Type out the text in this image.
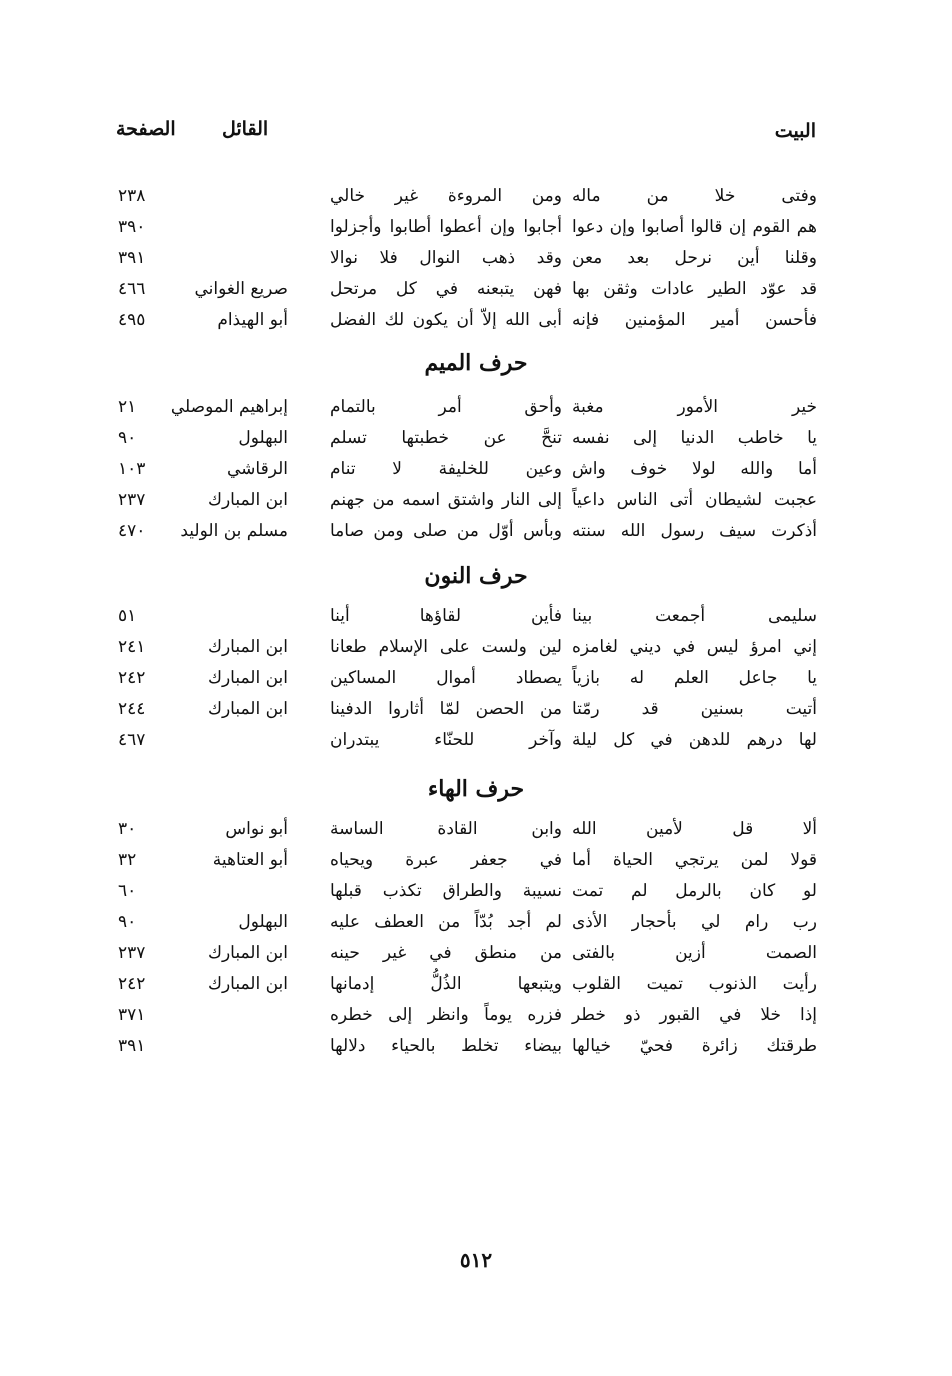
البيت
القائل
الصفحة
وفتى خلا من ماله
ومن المروءة غير خالي
٢٣٨
هم القوم إن قالوا أصابوا وإن دعوا
أجابوا وإن أعطوا أطابوا وأجزلوا
٣٩٠
وقلنا أين نرحل بعد معن
وقد ذهب النوال فلا نوالا
٣٩١
قد عوّد الطير عادات وثقن بها
فهن يتبعنه في كل مرتحل
صريع الغواني
٤٦٦
فأحسن أمير المؤمنين فإنه
أبى الله إلاّ أن يكون لك الفضل
أبو الهيذام
٤٩٥
حرف الميم
خير الأمور مغبة
وأحق أمر بالتمام
إبراهيم الموصلي
٢١
يا خاطب الدنيا إلى نفسه
تنحَّ عن خطبتها تسلم
البهلول
٩٠
أما والله لولا خوف واش
وعين للخليفة لا تنام
الرقاشي
١٠٣
عجبت لشيطان أتى الناس داعياً
إلى النار واشتق اسمه من جهنم
ابن المبارك
٢٣٧
أذكرت سيف رسول الله سنته
وبأس أوّل من صلى ومن صاما
مسلم بن الوليد
٤٧٠
حرف النون
سليمى أجمعت بينا
فأين لقاؤها أينا
٥١
إني امرؤ ليس في ديني لغامزه
لين ولست على الإسلام طعانا
ابن المبارك
٢٤١
يا جاعل العلم له بازياً
يصطاد أموال المساكين
ابن المبارك
٢٤٢
أتيت بسنين قد رمّتا
من الحصن لمّا أثاروا الدفينا
ابن المبارك
٢٤٤
لها درهم للدهن في كل ليلة
وآخر للحنّاء يبتدران
٤٦٧
حرف الهاء
ألا قل لأمين الله
وابن القادة الساسة
أبو نواس
٣٠
قولا لمن يرتجي الحياة أما
في جعفر عبرة ويحياه
أبو العتاهية
٣٢
لو كان بالرمل لم تمت
نسيبة والطراق تكذب قبلها
٦٠
رب رام لي بأحجار الأذى
لم أجد بُدّاً من العطف عليه
البهلول
٩٠
الصمت أزين بالفتى
من منطق في غير حينه
ابن المبارك
٢٣٧
رأيت الذنوب تميت القلوب
ويتبعها الذُلُّ إدمانها
ابن المبارك
٢٤٢
إذا خلا في القبور ذو خطر
فزره يوماً وانظر إلى خطره
٣٧١
طرقتك زائرة فحيّ خيالها
بيضاء تخلط بالحياء دلالها
٣٩١
٥١٢
